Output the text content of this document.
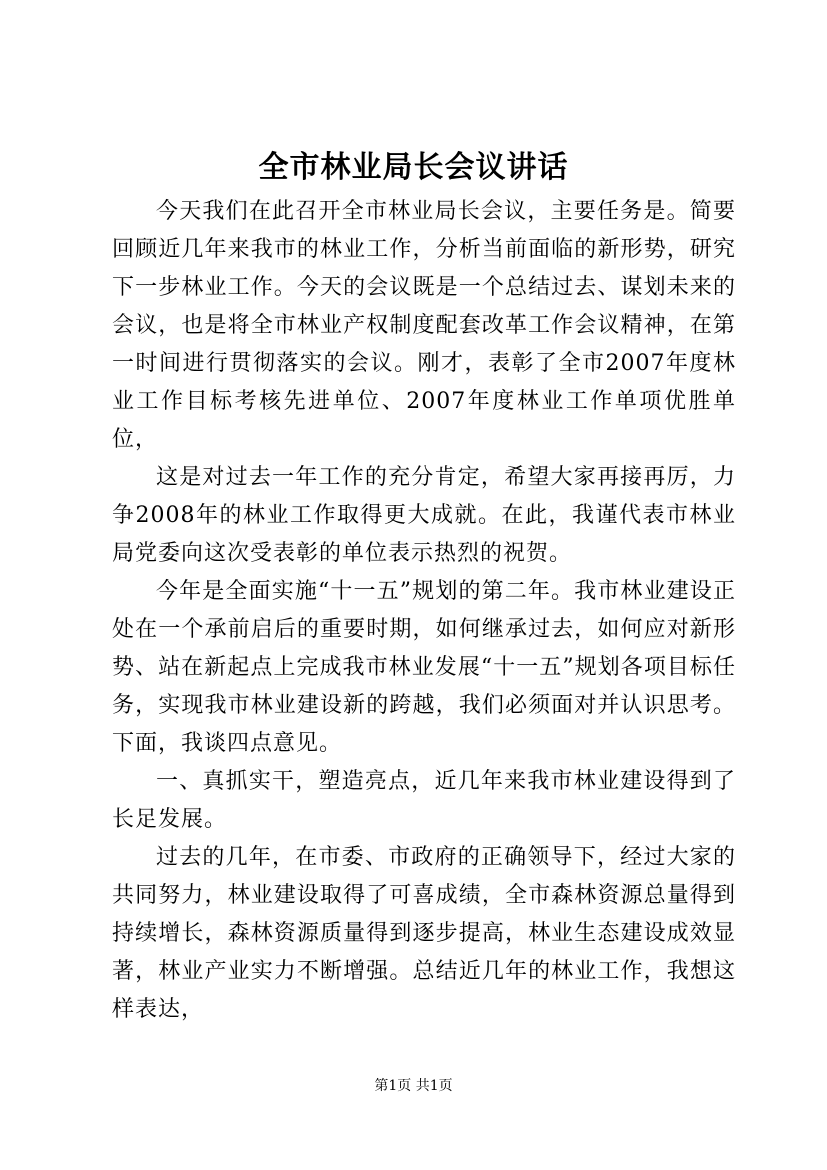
全市林业局长会议讲话

今天我们在此召开全市林业局长会议，主要任务是。简要回顾近几年来我市的林业工作，分析当前面临的新形势，研究下一步林业工作。今天的会议既是一个总结过去、谋划未来的会议，也是将全市林业产权制度配套改革工作会议精神，在第一时间进行贯彻落实的会议。刚才，表彰了全市2007年度林业工作目标考核先进单位、2007年度林业工作单项优胜单位，

这是对过去一年工作的充分肯定，希望大家再接再厉，力争2008年的林业工作取得更大成就。在此，我谨代表市林业局党委向这次受表彰的单位表示热烈的祝贺。

今年是全面实施“十一五”规划的第二年。我市林业建设正处在一个承前启后的重要时期，如何继承过去，如何应对新形势、站在新起点上完成我市林业发展“十一五”规划各项目标任务，实现我市林业建设新的跨越，我们必须面对并认识思考。下面，我谈四点意见。

一、真抓实干，塑造亮点，近几年来我市林业建设得到了长足发展。

过去的几年，在市委、市政府的正确领导下，经过大家的共同努力，林业建设取得了可喜成绩，全市森林资源总量得到持续增长，森林资源质量得到逐步提高，林业生态建设成效显著，林业产业实力不断增强。总结近几年的林业工作，我想这样表达，

第1页 共1页
